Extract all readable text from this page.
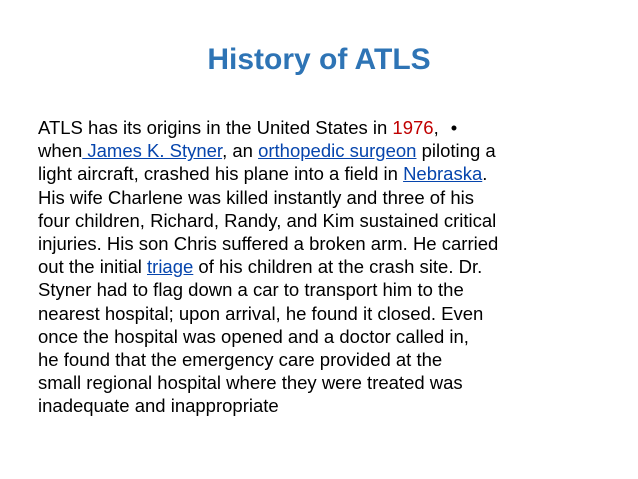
History of ATLS
ATLS has its origins in the United States in 1976, •
when James K. Styner, an orthopedic surgeon piloting a
light aircraft, crashed his plane into a field in Nebraska.
His wife Charlene was killed instantly and three of his
four children, Richard, Randy, and Kim sustained critical
injuries. His son Chris suffered a broken arm. He carried
out the initial triage of his children at the crash site. Dr.
Styner had to flag down a car to transport him to the
nearest hospital; upon arrival, he found it closed. Even
once the hospital was opened and a doctor called in,
he found that the emergency care provided at the
small regional hospital where they were treated was
inadequate and inappropriate
